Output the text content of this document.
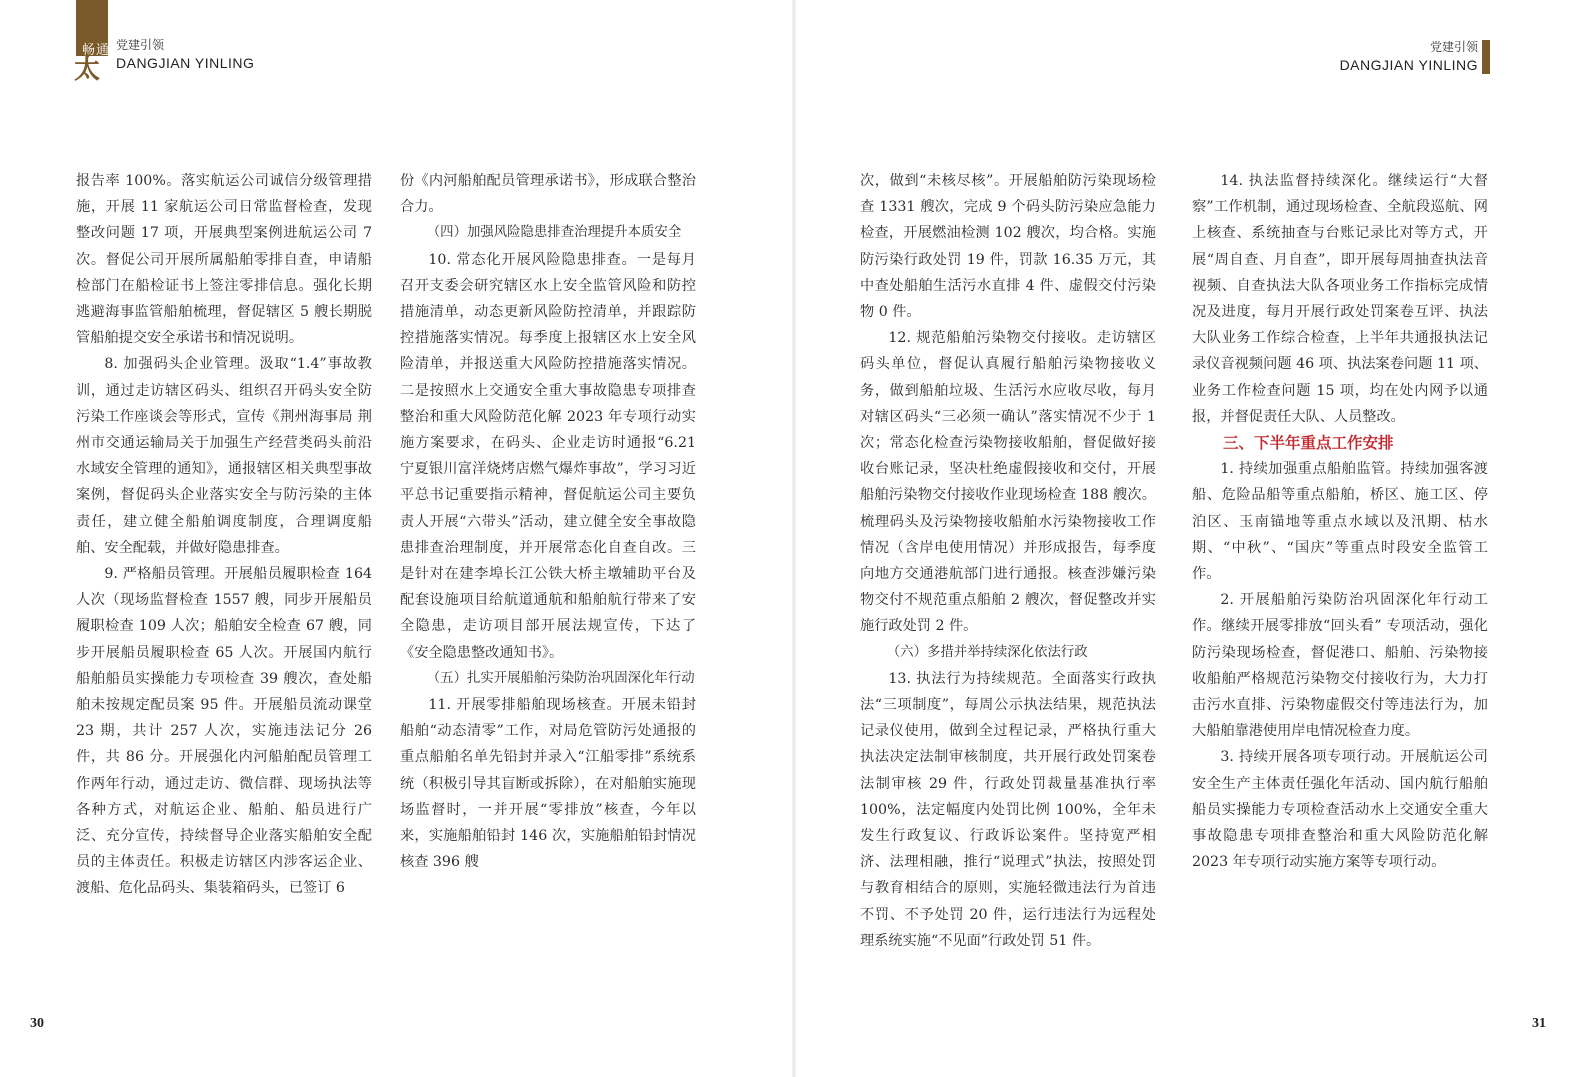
畅 通
太
平
党建引领
DANGJIAN YINLING

报告率 100%。落实航运公司诚信分级管理措施，开展 11 家航运公司日常监督检查，发现整改问题 17 项，开展典型案例进航运公司 7 次。督促公司开展所属船舶零排自查，申请船检部门在船检证书上签注零排信息。强化长期逃避海事监管船舶梳理，督促辖区 5 艘长期脱管船舶提交安全承诺书和情况说明。

8. 加强码头企业管理。汲取“1.4”事故教训，通过走访辖区码头、组织召开码头安全防污染工作座谈会等形式，宣传《荆州海事局 荆州市交通运输局关于加强生产经营类码头前沿水域安全管理的通知》，通报辖区相关典型事故案例，督促码头企业落实安全与防污染的主体责任，建立健全船舶调度制度，合理调度船舶、安全配载，并做好隐患排查。

9. 严格船员管理。开展船员履职检查 164 人次（现场监督检查 1557 艘，同步开展船员履职检查 109 人次；船舶安全检查 67 艘，同步开展船员履职检查 65 人次。开展国内航行船舶船员实操能力专项检查 39 艘次，查处船舶未按规定配员案 95 件。开展船员流动课堂 23 期，共计 257 人次，实施违法记分 26 件，共 86 分。开展强化内河船舶配员管理工作两年行动，通过走访、微信群、现场执法等各种方式，对航运企业、船舶、船员进行广泛、充分宣传，持续督导企业落实船舶安全配员的主体责任。积极走访辖区内涉客运企业、渡船、危化品码头、集装箱码头，已签订 6

份《内河船舶配员管理承诺书》，形成联合整治合力。

（四）加强风险隐患排查治理提升本质安全

10. 常态化开展风险隐患排查。一是每月召开支委会研究辖区水上安全监管风险和防控措施清单，动态更新风险防控清单，并跟踪防控措施落实情况。每季度上报辖区水上安全风险清单，并报送重大风险防控措施落实情况。二是按照水上交通安全重大事故隐患专项排查整治和重大风险防范化解 2023 年专项行动实施方案要求，在码头、企业走访时通报“6.21 宁夏银川富洋烧烤店燃气爆炸事故”，学习习近平总书记重要指示精神，督促航运公司主要负责人开展“六带头”活动，建立健全安全事故隐患排查治理制度，并开展常态化自查自改。三是针对在建李埠长江公铁大桥主墩辅助平台及配套设施项目给航道通航和船舶航行带来了安全隐患，走访项目部开展法规宣传，下达了《安全隐患整改通知书》。

（五）扎实开展船舶污染防治巩固深化年行动

11. 开展零排船舶现场核查。开展未铅封船舶“动态清零”工作，对局危管防污处通报的重点船舶名单先铅封并录入“江船零排”系统系统（积极引导其盲断或拆除），在对船舶实施现场监督时，一并开展“零排放”核查，今年以来，实施船舶铅封 146 次，实施船舶铅封情况核查 396 艘

30
党建引领
DANGJIAN YINLING

次，做到“未核尽核”。开展船舶防污染现场检查 1331 艘次，完成 9 个码头防污染应急能力检查，开展燃油检测 102 艘次，均合格。实施防污染行政处罚 19 件，罚款 16.35 万元，其中查处船舶生活污水直排 4 件、虚假交付污染物 0 件。

12. 规范船舶污染物交付接收。走访辖区码头单位，督促认真履行船舶污染物接收义务，做到船舶垃圾、生活污水应收尽收，每月对辖区码头“三必须一确认”落实情况不少于 1 次；常态化检查污染物接收船舶，督促做好接收台账记录，坚决杜绝虚假接收和交付，开展船舶污染物交付接收作业现场检查 188 艘次。梳理码头及污染物接收船舶水污染物接收工作情况（含岸电使用情况）并形成报告，每季度向地方交通港航部门进行通报。核查涉嫌污染物交付不规范重点船舶 2 艘次，督促整改并实施行政处罚 2 件。

（六）多措并举持续深化依法行政

13. 执法行为持续规范。全面落实行政执法“三项制度”，每周公示执法结果，规范执法记录仪使用，做到全过程记录，严格执行重大执法决定法制审核制度，共开展行政处罚案卷法制审核 29 件，行政处罚裁量基准执行率 100%，法定幅度内处罚比例 100%，全年未发生行政复议、行政诉讼案件。坚持宽严相济、法理相融，推行“说理式”执法，按照处罚与教育相结合的原则，实施轻微违法行为首违不罚、不予处罚 20 件，运行违法行为远程处理系统实施“不见面”行政处罚 51 件。

14. 执法监督持续深化。继续运行“大督察”工作机制，通过现场检查、全航段巡航、网上核查、系统抽查与台账记录比对等方式，开展“周自查、月自查”，即开展每周抽查执法音视频、自查执法大队各项业务工作指标完成情况及进度，每月开展行政处罚案卷互评、执法大队业务工作综合检查，上半年共通报执法记录仪音视频问题 46 项、执法案卷问题 11 项、业务工作检查问题 15 项，均在处内网予以通报，并督促责任大队、人员整改。

三、下半年重点工作安排

1. 持续加强重点船舶监管。持续加强客渡船、危险品船等重点船舶，桥区、施工区、停泊区、玉南锚地等重点水域以及汛期、枯水期、“中秋”、“国庆”等重点时段安全监管工作。

2. 开展船舶污染防治巩固深化年行动工作。继续开展零排放“回头看” 专项活动，强化防污染现场检查，督促港口、船舶、污染物接收船舶严格规范污染物交付接收行为，大力打击污水直排、污染物虚假交付等违法行为，加大船舶靠港使用岸电情况检查力度。

3. 持续开展各项专项行动。开展航运公司安全生产主体责任强化年活动、国内航行船舶船员实操能力专项检查活动水上交通安全重大事故隐患专项排查整治和重大风险防范化解 2023 年专项行动实施方案等专项行动。

31
